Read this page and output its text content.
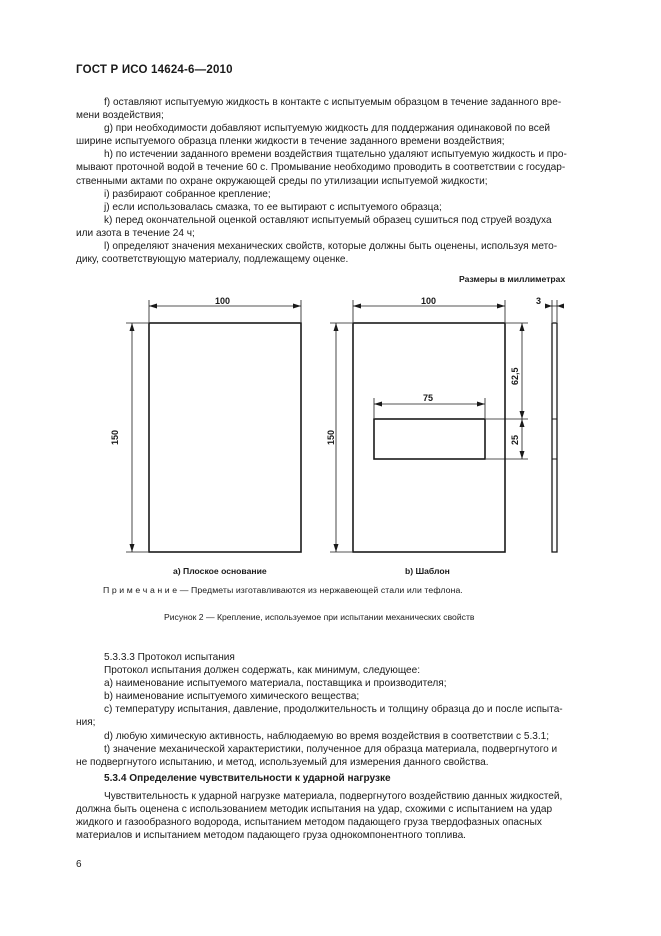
ГОСТ Р ИСО 14624-6—2010
f) оставляют испытуемую жидкость в контакте с испытуемым образцом в течение заданного вре-
мени воздействия;
g) при необходимости добавляют испытуемую жидкость для поддержания одинаковой по всей
ширине испытуемого образца пленки жидкости в течение заданного времени воздействия;
h) по истечении заданного времени воздействия тщательно удаляют испытуемую жидкость и про-
мывают проточной водой в течение 60 с. Промывание необходимо проводить в соответствии с государ-
ственными актами по охране окружающей среды по утилизации испытуемой жидкости;
i) разбирают собранное крепление;
j) если использовалась смазка, то ее вытирают с испытуемого образца;
k) перед окончательной оценкой оставляют испытуемый образец сушиться под струей воздуха
или азота в течение 24 ч;
l) определяют значения механических свойств, которые должны быть оценены, используя мето-
дику, соответствующую материалу, подлежащему оценке.
Размеры в миллиметрах
100
150
100
150
75
62,5
25
3
а) Плоское основание	b) Шаблон
П р и м е ч а н и е — Предметы изготавливаются из нержавеющей стали или тефлона.
Рисунок 2 — Крепление, используемое при испытании механических свойств
5.3.3.3 Протокол испытания
Протокол испытания должен содержать, как минимум, следующее:
а) наименование испытуемого материала, поставщика и производителя;
b) наименование испытуемого химического вещества;
с) температуру испытания, давление, продолжительность и толщину образца до и после испыта-
ния;
d) любую химическую активность, наблюдаемую во время воздействия в соответствии с 5.3.1;
t) значение механической характеристики, полученное для образца материала, подвергнутого и
не подвергнутого испытанию, и метод, используемый для измерения данного свойства.
5.3.4 Определение чувствительности к ударной нагрузке
Чувствительность к ударной нагрузке материала, подвергнутого воздействию данных жидкостей,
должна быть оценена с использованием методик испытания на удар, схожими с испытанием на удар
жидкого и газообразного водорода, испытанием методом падающего груза твердофазных опасных
материалов и испытанием методом падающего груза однокомпонентного топлива.
6
